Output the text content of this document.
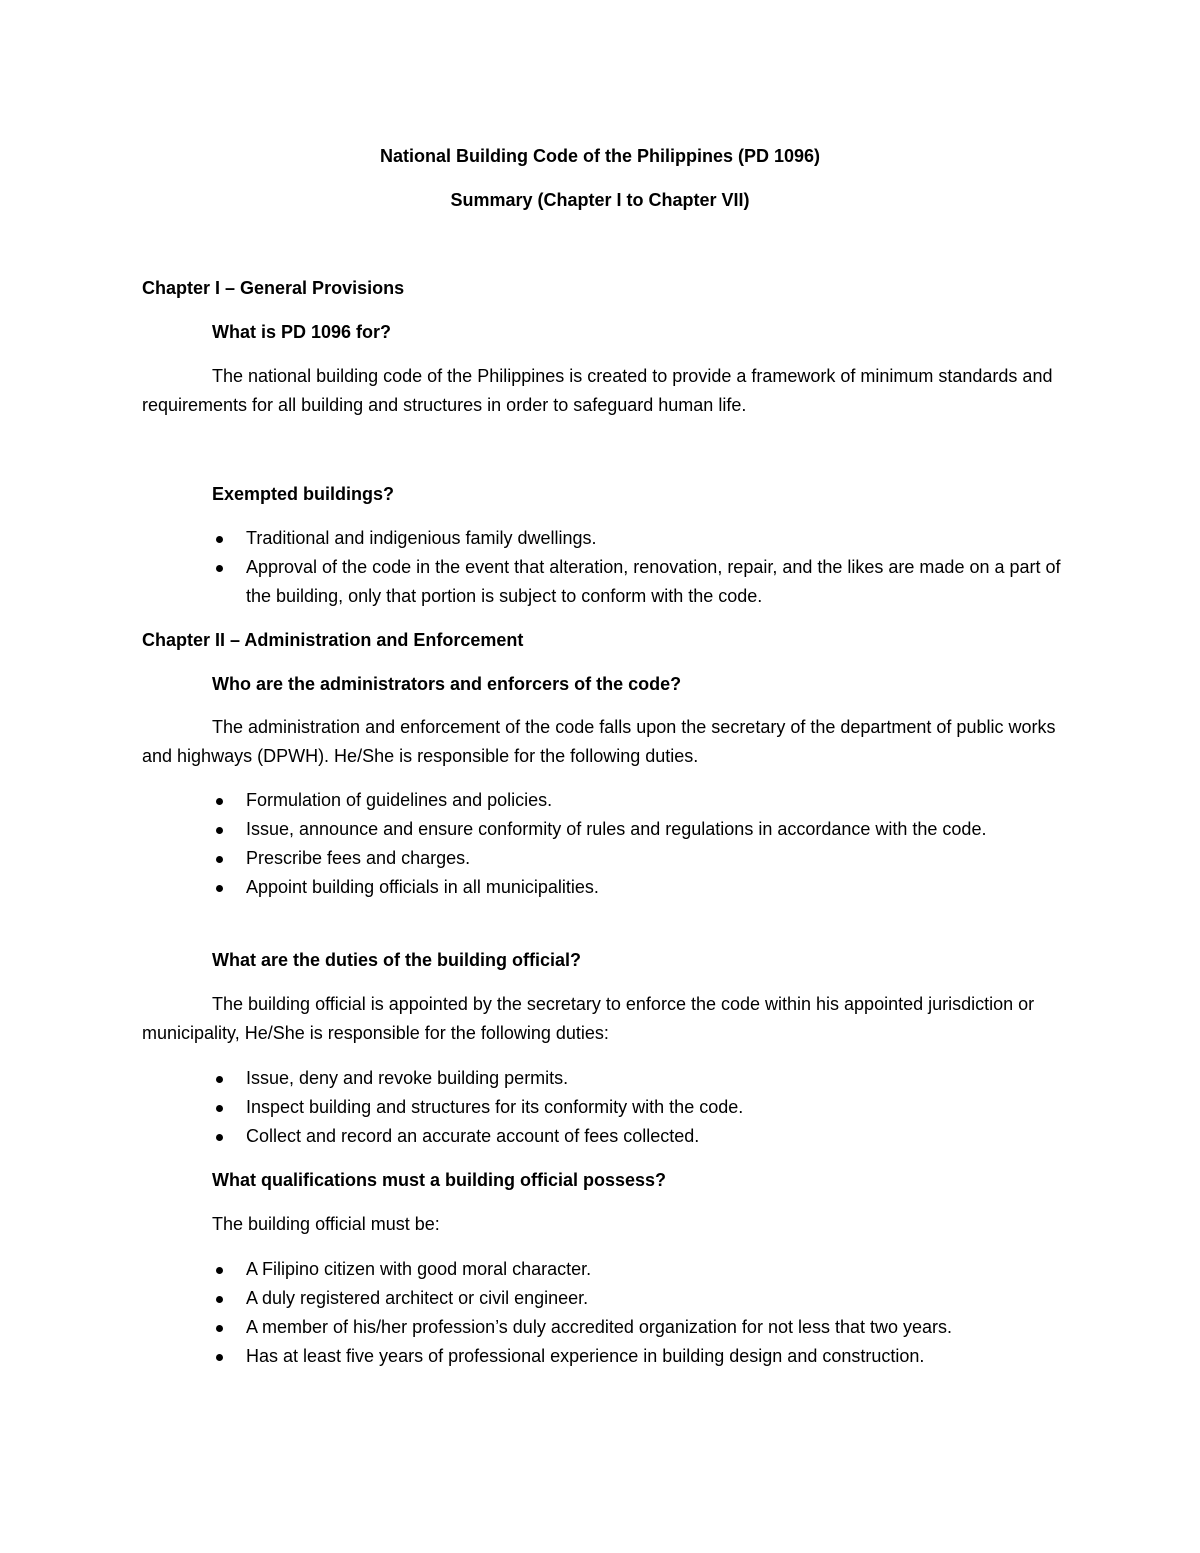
National Building Code of the Philippines (PD 1096)
Summary (Chapter I to Chapter VII)
Chapter I – General Provisions
What is PD 1096 for?
The national building code of the Philippines is created to provide a framework of minimum standards and requirements for all building and structures in order to safeguard human life.
Exempted buildings?
Traditional and indigenious family dwellings.
Approval of the code in the event that alteration, renovation, repair, and the likes are made on a part of the building, only that portion is subject to conform with the code.
Chapter II – Administration and Enforcement
Who are the administrators and enforcers of the code?
The administration and enforcement of the code falls upon the secretary of the department of public works and highways (DPWH). He/She is responsible for the following duties.
Formulation of guidelines and policies.
Issue, announce and ensure conformity of rules and regulations in accordance with the code.
Prescribe fees and charges.
Appoint building officials in all municipalities.
What are the duties of the building official?
The building official is appointed by the secretary to enforce the code within his appointed jurisdiction or municipality, He/She is responsible for the following duties:
Issue, deny and revoke building permits.
Inspect building and structures for its conformity with the code.
Collect and record an accurate account of fees collected.
What qualifications must a building official possess?
The building official must be:
A Filipino citizen with good moral character.
A duly registered architect or civil engineer.
A member of his/her profession’s duly accredited organization for not less that two years.
Has at least five years of professional experience in building design and construction.
